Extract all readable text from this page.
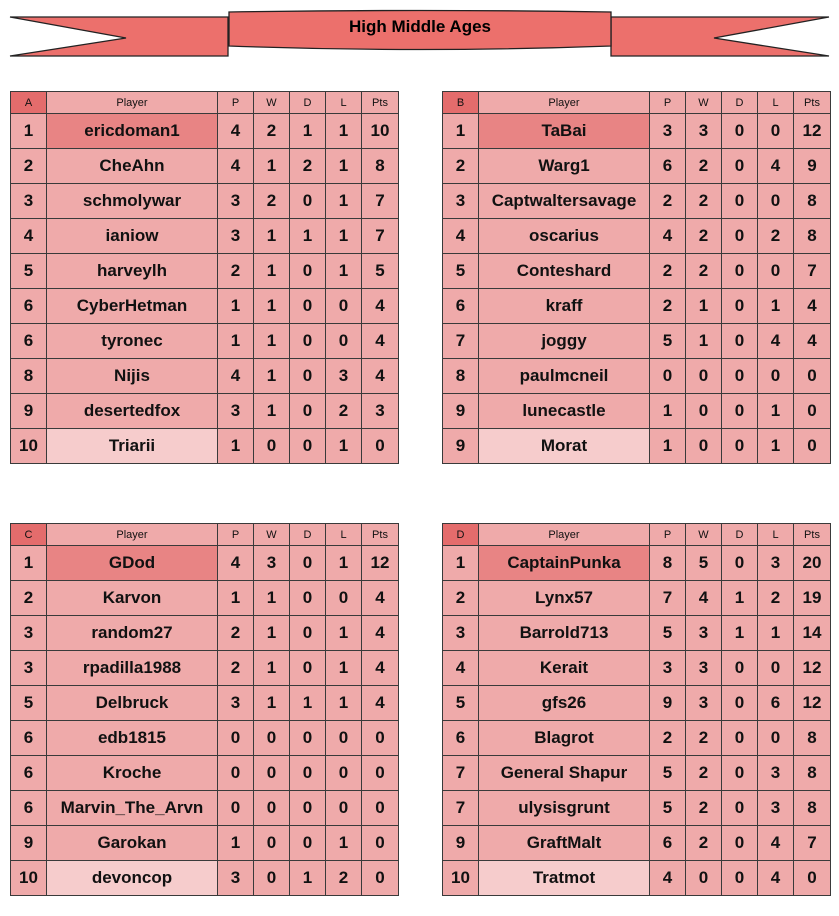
High Middle Ages
A	Player	P	W	D	L	Pts
1	ericdoman1	4	2	1	1	10
2	CheAhn	4	1	2	1	8
3	schmolywar	3	2	0	1	7
4	ianiow	3	1	1	1	7
5	harveylh	2	1	0	1	5
6	CyberHetman	1	1	0	0	4
6	tyronec	1	1	0	0	4
8	Nijis	4	1	0	3	4
9	desertedfox	3	1	0	2	3
10	Triarii	1	0	0	1	0
B	Player	P	W	D	L	Pts
1	TaBai	3	3	0	0	12
2	Warg1	6	2	0	4	9
3	Captwaltersavage	2	2	0	0	8
4	oscarius	4	2	0	2	8
5	Conteshard	2	2	0	0	7
6	kraff	2	1	0	1	4
7	joggy	5	1	0	4	4
8	paulmcneil	0	0	0	0	0
9	lunecastle	1	0	0	1	0
9	Morat	1	0	0	1	0
C	Player	P	W	D	L	Pts
1	GDod	4	3	0	1	12
2	Karvon	1	1	0	0	4
3	random27	2	1	0	1	4
3	rpadilla1988	2	1	0	1	4
5	Delbruck	3	1	1	1	4
6	edb1815	0	0	0	0	0
6	Kroche	0	0	0	0	0
6	Marvin_The_Arvn	0	0	0	0	0
9	Garokan	1	0	0	1	0
10	devoncop	3	0	1	2	0
D	Player	P	W	D	L	Pts
1	CaptainPunka	8	5	0	3	20
2	Lynx57	7	4	1	2	19
3	Barrold713	5	3	1	1	14
4	Kerait	3	3	0	0	12
5	gfs26	9	3	0	6	12
6	Blagrot	2	2	0	0	8
7	General Shapur	5	2	0	3	8
7	ulysisgrunt	5	2	0	3	8
9	GraftMalt	6	2	0	4	7
10	Tratmot	4	0	0	4	0
